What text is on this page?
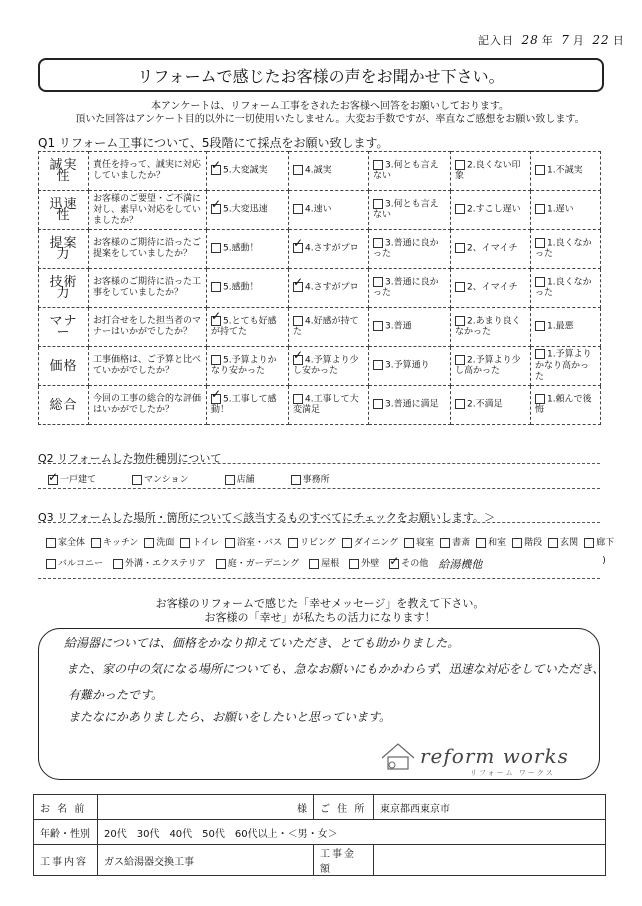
記入日 28 年 7 月 22 日
リフォームで感じたお客様の声をお聞かせ下さい。
本アンケートは、リフォーム工事をされたお客様へ回答をお願いしております。
頂いた回答はアンケート目的以外に一切使用いたしません。大変お手数ですが、率直なご感想をお願い致します。
Q1 リフォーム工事について、5段階にて採点をお願い致します。
誠実性	責任を持って、誠実に対応していましたか？	✓5.大変誠実	4.誠実	3.何とも言えない	2.良くない印象	1.不誠実
迅速性	お客様のご要望・ご不満に対し、素早い対応をしていましたか？	✓5.大変迅速	4.速い	3.何とも言えない	2.すこし遅い	1.遅い
提案力	お客様のご期待に沿ったご提案をしていましたか？	5.感動！	✓4.さすがプロ	3.普通に良かった	2、イマイチ	1.良くなかった
技術力	お客様のご期待に沿った工事をしていましたか？	5.感動！	✓4.さすがプロ	3.普通に良かった	2、イマイチ	1.良くなかった
マナー	お打合せをした担当者のマナーはいかがでしたか？	✓5.とても好感が持てた	4.好感が持てた	3.普通	2.あまり良くなかった	1.最悪
価格	工事価格は、ご予算と比べていかがでしたか？	5.予算よりかなり安かった	✓4.予算より少し安かった	3.予算通り	2.予算より少し高かった	1.予算よりかなり高かった
総合	今回の工事の総合的な評価はいかがでしたか？	✓5.工事して感動！	4.工事して大変満足	3.普通に満足	2.不満足	1.頼んで後悔
Q2 リフォームした物件種別について
✓一戸建て	マンション	店舗	事務所
Q3 リフォームした場所・箇所について＜該当するものすべてにチェックをお願いします。＞
家全体	キッチン	洗面	トイレ	浴室・バス	リビング	ダイニング	寝室	書斎	和室	階段	玄関	廊下
バルコニー	外溝・エクステリア	庭・ガーデニング	屋根	外壁 ✓	その他 給湯機他	)
お客様のリフォームで感じた「幸せメッセージ」を教えて下さい。
お客様の「幸せ」が私たちの活力になります！
給湯器については、価格をかなり抑えていただき、とても助かりました。
また、家の中の気になる場所についても、急なお願いにもかかわらず、迅速な対応をしていただき、
有難かったです。
またなにかありましたら、お願いをしたいと思っています。
reform works
リフォーム ワークス
お 名 前	様	ご 住 所	東京都西東京市
年齢・性別	20代　30代　40代　50代　60代以上・＜男・女＞		
工事内容	ガス給湯器交換工事	工事金額	
